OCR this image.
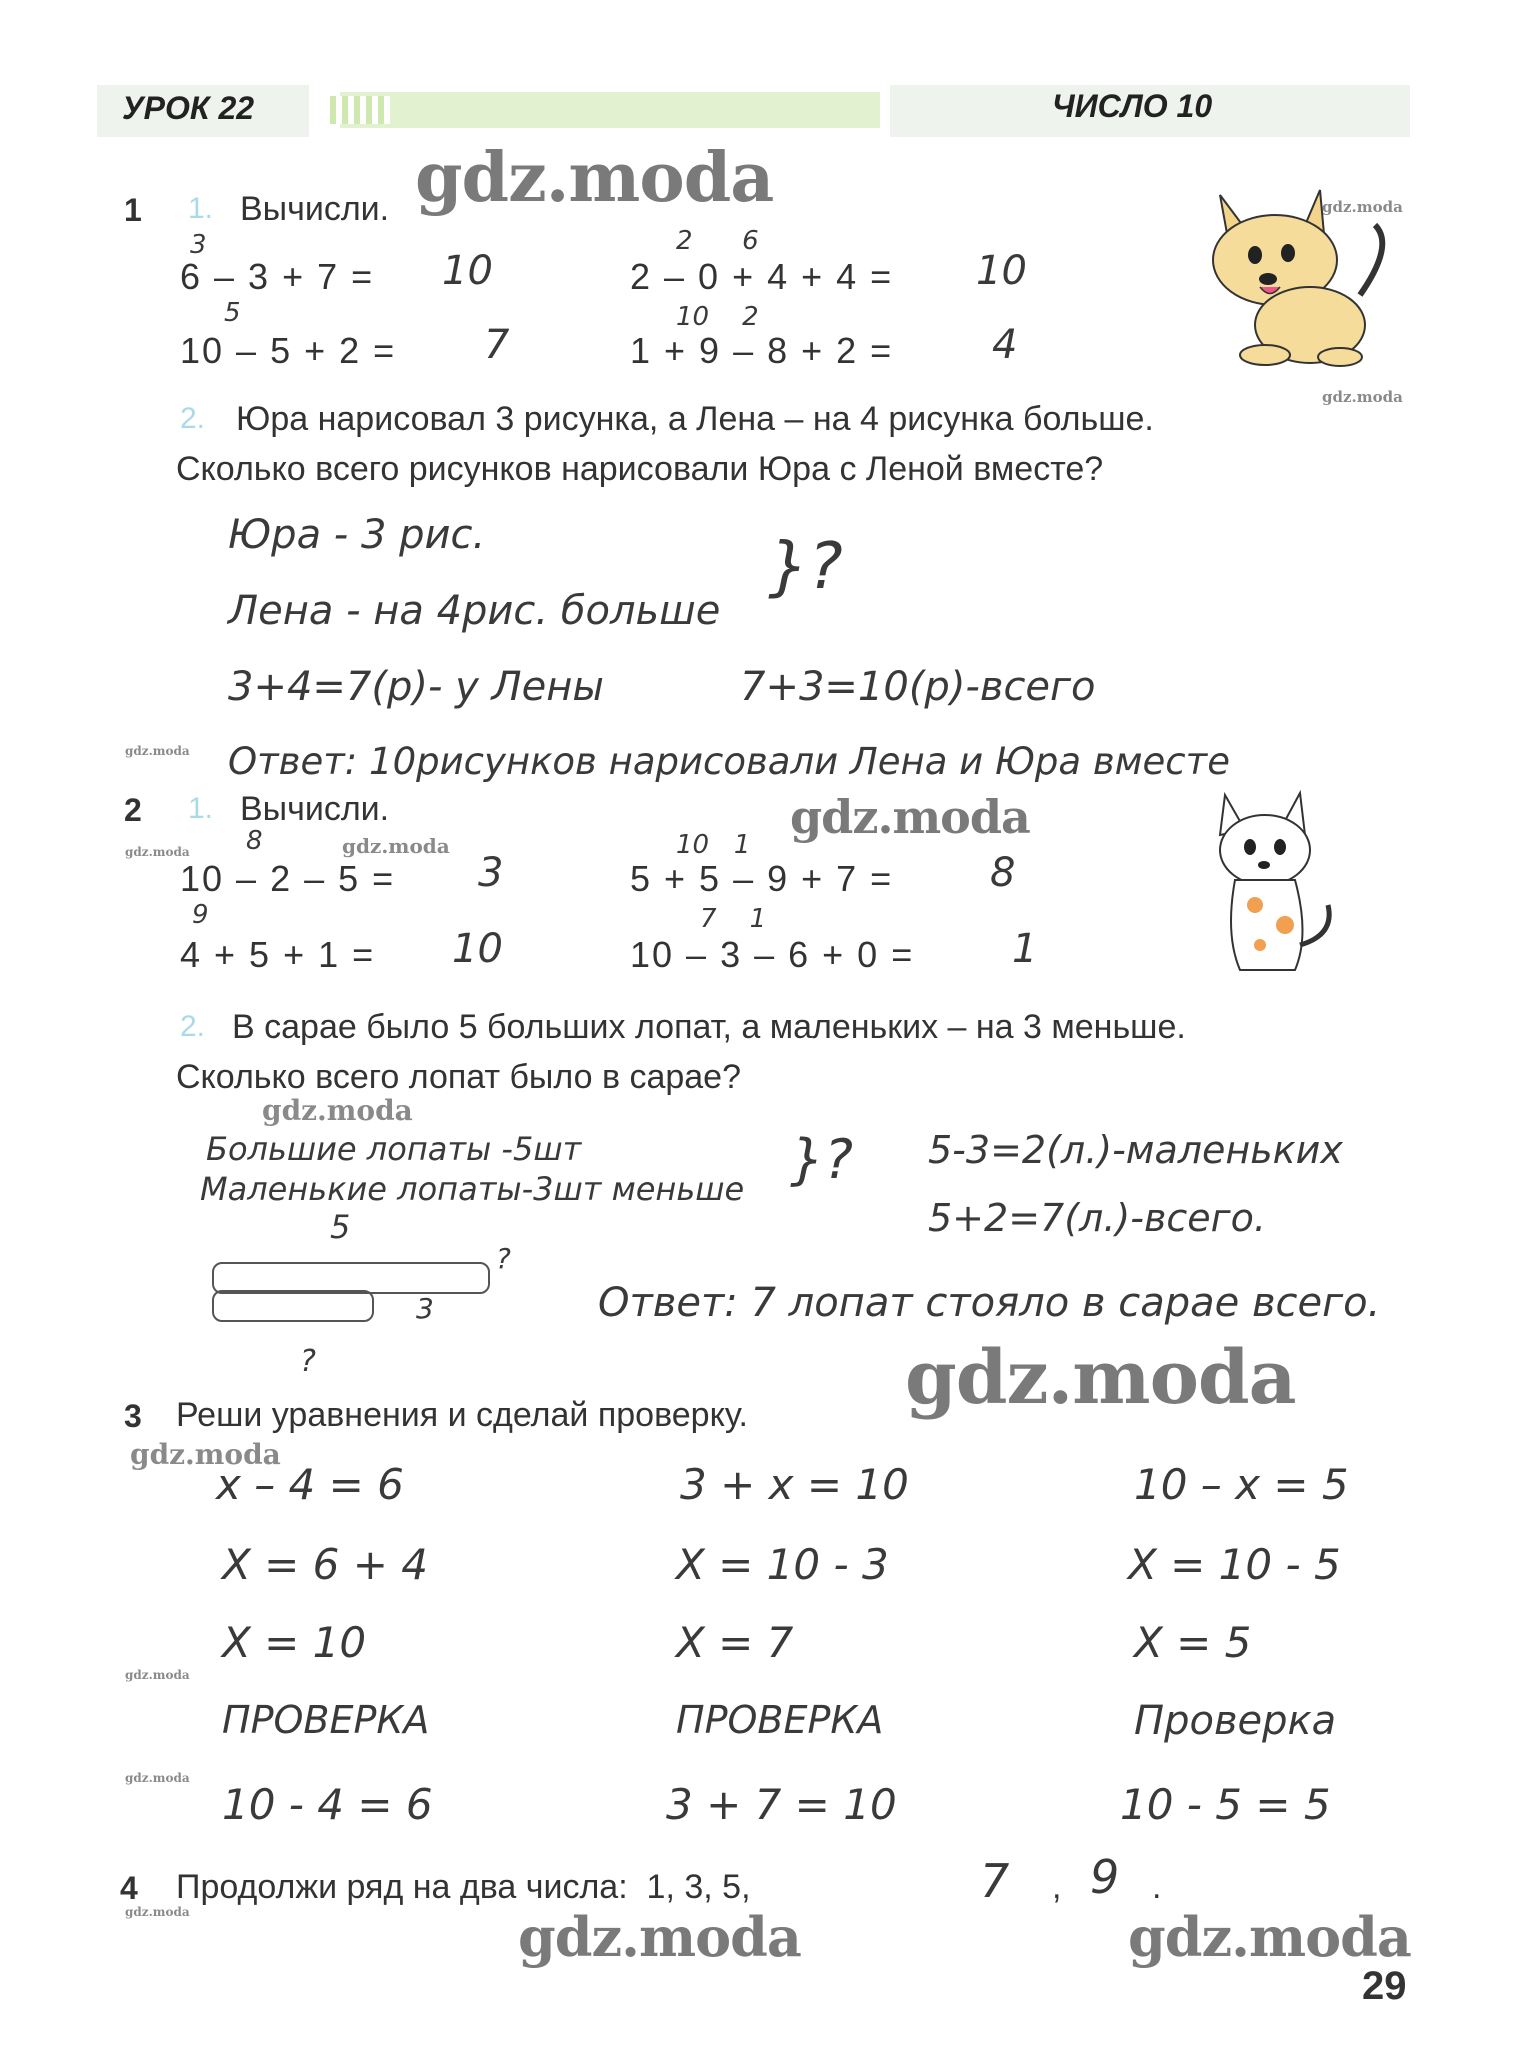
УРОК 22	ЧИСЛО 10
gdz.moda	gdz.moda
gdz.moda
gdz.moda
gdz.moda
gdz.moda
gdz.moda
gdz.moda
gdz.moda
gdz.moda
gdz.moda
gdz.moda
gdz.moda	gdz.moda	gdz.moda
1 1. Вычисли.
3
6 – 3 + 7 = 10
2      6
2 – 0 + 4 + 4 = 10
5
10 – 5 + 2 = 7
10    2
1 + 9 – 8 + 2 = 4
2. Юра нарисовал 3 рисунка, а Лена – на 4 рисунка больше.
Сколько всего рисунков нарисовали Юра с Леной вместе?
Юра - 3 рис.
Лена - на 4рис. больше
}?
3+4=7(р)- у Лены	7+3=10(р)-всего
Ответ: 10рисунков нарисовали Лена и Юра вместе
2 1. Вычисли.
8
10 – 2 – 5 = 3
10   1
5 + 5 – 9 + 7 = 8
9
4 + 5 + 1 = 10
7    1
10 – 3 – 6 + 0 = 1
2. В сарае было 5 больших лопат, а маленьких – на 3 меньше.
Сколько всего лопат было в сарае?
Большие лопаты -5шт
Маленькие лопаты-3шт меньше }? 5-3=2(л.)-маленьких
5+2=7(л.)-всего.
5
3
?
?
Ответ: 7 лопат стояло в сарае всего.
3 Реши уравнения и сделай проверку.
x – 4 = 6
X = 6 + 4
X = 10
ПРОВЕРКА
10 - 4 = 6
3 + x = 10
X = 10 - 3
X = 7
ПРОВЕРКА
3 + 7 = 10
10 – x = 5
X = 10 - 5
X = 5
Проверка
10 - 5 = 5
4 Продолжи ряд на два числа:  1, 3, 5,	7 , 9 .
29
